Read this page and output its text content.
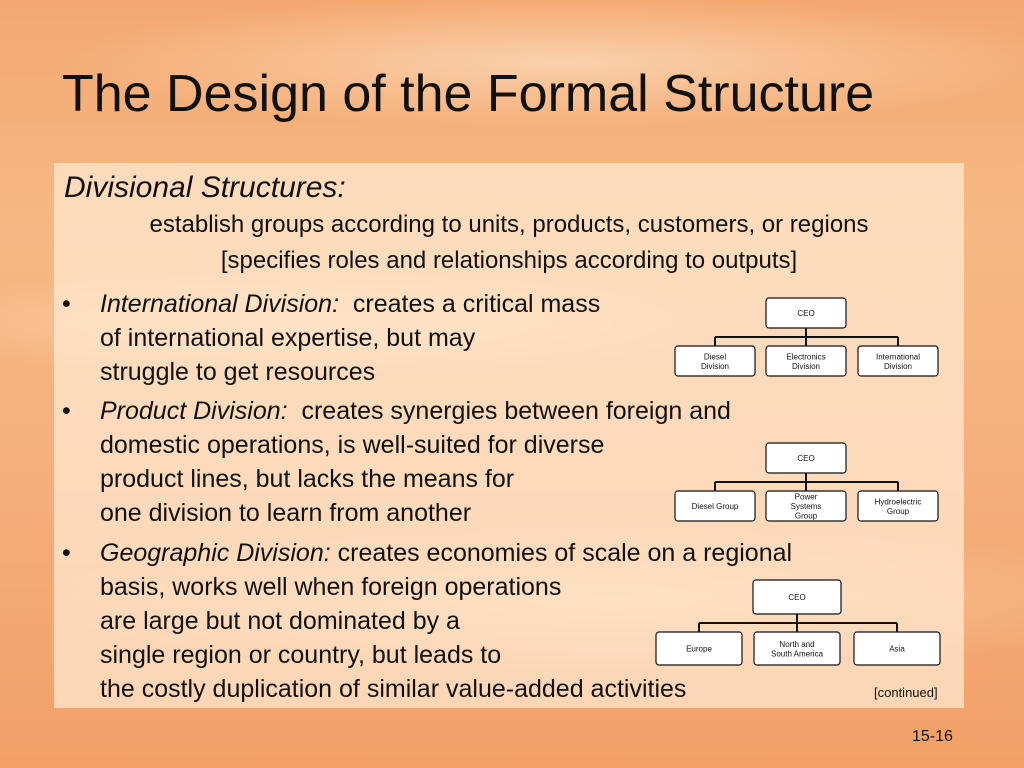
The Design of the Formal Structure
Divisional Structures:
establish groups according to units, products, customers, or regions
[specifies roles and relationships according to outputs]
• International Division: creates a critical mass
of international expertise, but may
struggle to get resources
• Product Division: creates synergies between foreign and
domestic operations, is well-suited for diverse
product lines, but lacks the means for
one division to learn from another
• Geographic Division: creates economies of scale on a regional
basis, works well when foreign operations
are large but not dominated by a
single region or country, but leads to
the costly duplication of similar value-added activities	[continued]
CEO
Diesel
Division
Electronics
Division
International
Division
CEO
Diesel Group
Power
Systems
Group
Hydroelectric
Group
CEO
Europe
North and
South America
Asia
15-16
